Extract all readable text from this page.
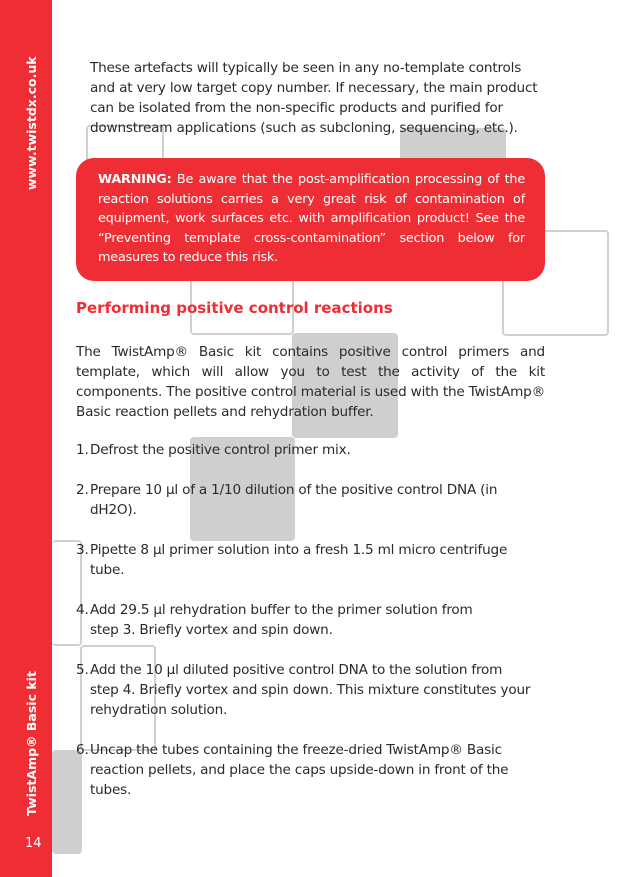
www.twistdx.co.uk
TwistAmp® Basic kit
14
These artefacts will typically be seen in any no-template controls and at very low target copy number. If necessary, the main product can be isolated from the non-specific products and purified for downstream applications (such as subcloning, sequencing, etc.).
WARNING: Be aware that the post-amplification processing of the reaction solutions carries a very great risk of contamination of equipment, work surfaces etc. with amplification product! See the “Preventing template cross-contamination” section below for measures to reduce this risk.
Performing positive control reactions
The TwistAmp® Basic kit contains positive control primers and template, which will allow you to test the activity of the kit components. The positive control material is used with the TwistAmp® Basic reaction pellets and rehydration buffer.
1.Defrost the positive control primer mix.
2.Prepare 10 µl of a 1/10 dilution of the positive control DNA (in
dH2O).
3.Pipette 8 µl primer solution into a fresh 1.5 ml micro centrifuge
tube.
4.Add 29.5 µl rehydration buffer to the primer solution from
step 3. Briefly vortex and spin down.
5.Add the 10 µl diluted positive control DNA to the solution from
step 4. Briefly vortex and spin down. This mixture constitutes your rehydration solution.
6.Uncap the tubes containing the freeze-dried TwistAmp® Basic
reaction pellets, and place the caps upside-down in front of the tubes.
